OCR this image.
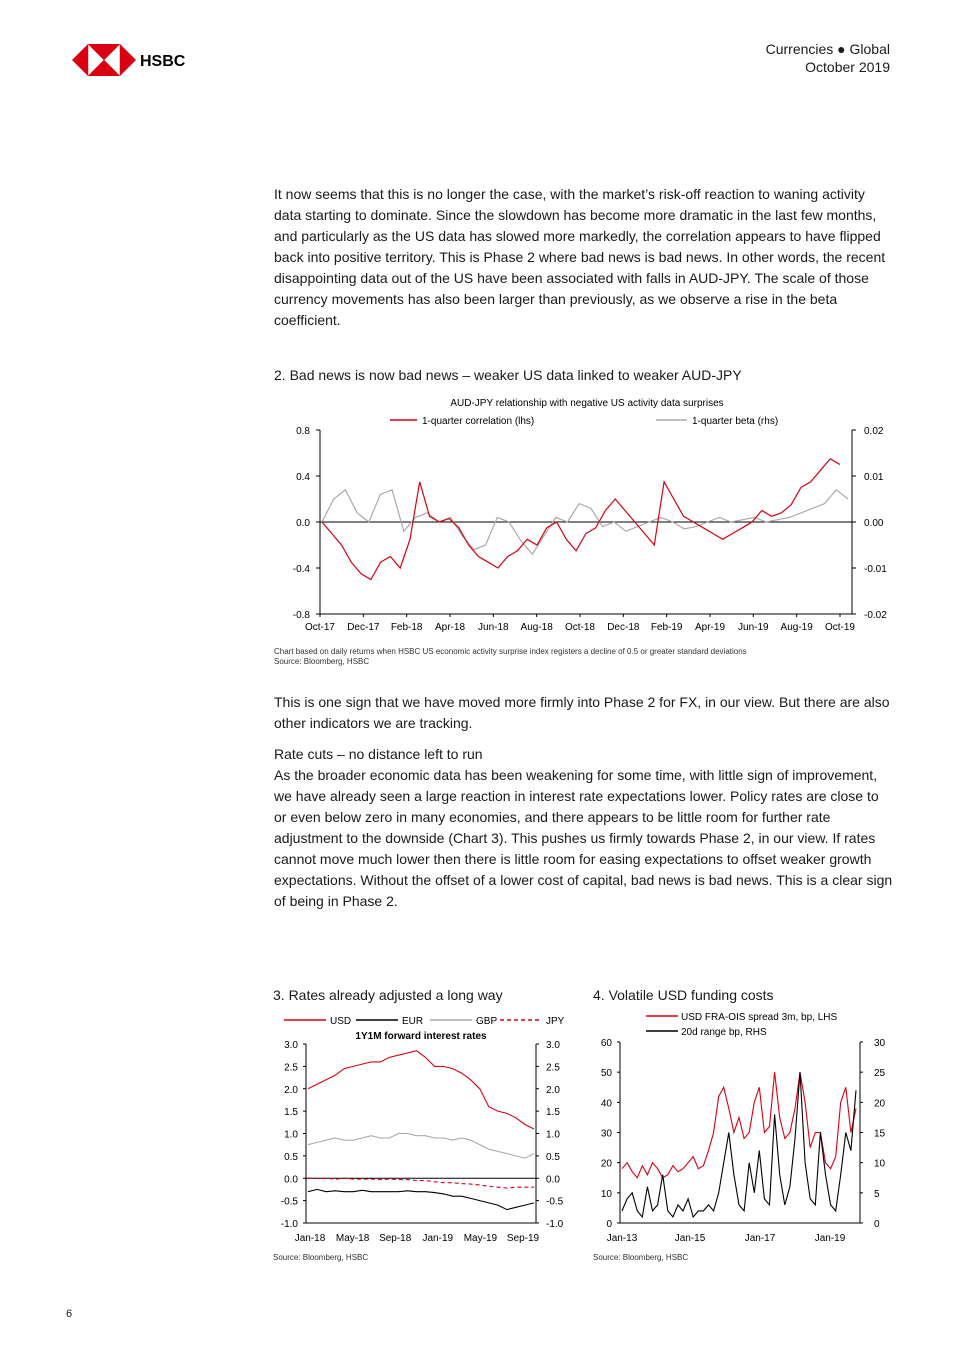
HSBC
Currencies ● Global
October 2019

It now seems that this is no longer the case, with the market’s risk-off reaction to waning activity data starting to dominate. Since the slowdown has become more dramatic in the last few months, and particularly as the US data has slowed more markedly, the correlation appears to have flipped back into positive territory. This is Phase 2 where bad news is bad news. In other words, the recent disappointing data out of the US have been associated with falls in AUD-JPY. The scale of those currency movements has also been larger than previously, as we observe a rise in the beta coefficient.

2. Bad news is now bad news – weaker US data linked to weaker AUD-JPY
AUD-JPY relationship with negative US activity data surprises
1-quarter correlation (lhs)	1-quarter beta (rhs)
0.8
0.4
0.0
-0.4
-0.8
0.02
0.01
0.00
-0.01
-0.02
Oct-17 Dec-17 Feb-18 Apr-18 Jun-18 Aug-18 Oct-18 Dec-18 Feb-19 Apr-19 Jun-19 Aug-19 Oct-19
Chart based on daily returns when HSBC US economic activity surprise index registers a decline of 0.5 or greater standard deviations
Source: Bloomberg, HSBC

This is one sign that we have moved more firmly into Phase 2 for FX, in our view. But there are also other indicators we are tracking.

Rate cuts – no distance left to run

As the broader economic data has been weakening for some time, with little sign of improvement, we have already seen a large reaction in interest rate expectations lower. Policy rates are close to or even below zero in many economies, and there appears to be little room for further rate adjustment to the downside (Chart 3). This pushes us firmly towards Phase 2, in our view. If rates cannot move much lower then there is little room for easing expectations to offset weaker growth expectations. Without the offset of a lower cost of capital, bad news is bad news. This is a clear sign of being in Phase 2.

3. Rates already adjusted a long way
USD	EUR	GBP	JPY
1Y1M forward interest rates
3.0	3.0
2.5	2.5
2.0	2.0
1.5	1.5
1.0	1.0
0.5	0.5
0.0	0.0
-0.5	-0.5
-1.0	-1.0
Jan-18 May-18 Sep-18 Jan-19 May-19 Sep-19
Source: Bloomberg, HSBC
4. Volatile USD funding costs
USD FRA-OIS spread 3m, bp, LHS
20d range bp, RHS
60
50
40
30
20
10
0
30
25
20
15
10
5
0
Jan-13	Jan-15	Jan-17	Jan-19
Source: Bloomberg, HSBC
6
